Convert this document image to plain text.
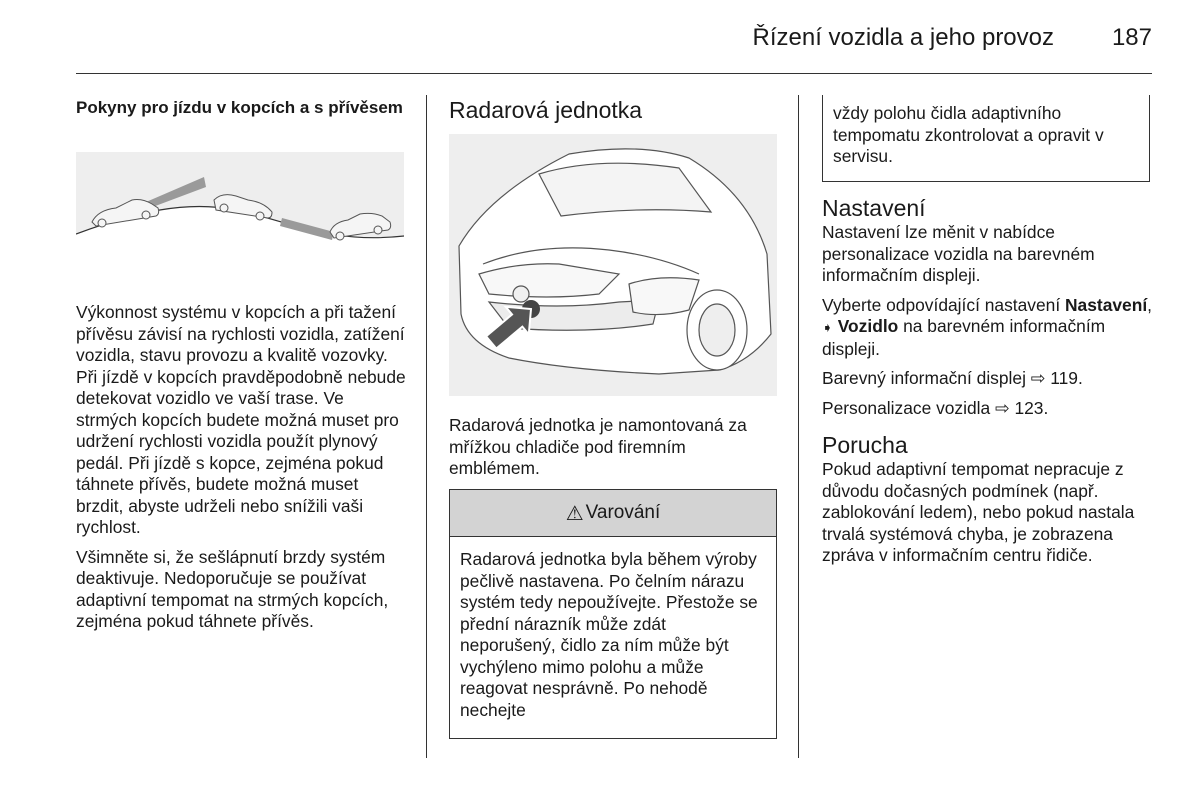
Řízení vozidla a jeho provoz 187

Pokyny pro jízdu v kopcích a s přívěsem

Výkonnost systému v kopcích a při tažení přívěsu závisí na rychlosti vozidla, zatížení vozidla, stavu provozu a kvalitě vozovky. Při jízdě v kopcích pravděpodobně nebude detekovat vozidlo ve vaší trase. Ve strmých kopcích budete možná muset pro udržení rychlosti vozidla použít plynový pedál. Při jízdě s kopce, zejména pokud táhnete přívěs, budete možná muset brzdit, abyste udrželi nebo snížili vaši rychlost.

Všimněte si, že sešlápnutí brzdy systém deaktivuje. Nedoporučuje se používat adaptivní tempomat na strmých kopcích, zejména pokud táhnete přívěs.

Radarová jednotka

Radarová jednotka je namontovaná za mřížkou chladiče pod firemním emblémem.

⚠ Varování

Radarová jednotka byla během výroby pečlivě nastavena. Po čelním nárazu systém tedy nepoužívejte. Přestože se přední nárazník může zdát neporušený, čidlo za ním může být vychýleno mimo polohu a může reagovat nesprávně. Po nehodě nechejte

vždy polohu čidla adaptivního tempomatu zkontrolovat a opravit v servisu.

Nastavení

Nastavení lze měnit v nabídce personalizace vozidla na barevném informačním displeji.

Vyberte odpovídající nastavení Nastavení, ➧ Vozidlo na barevném informačním displeji.

Barevný informační displej ⇨ 119.

Personalizace vozidla ⇨ 123.

Porucha

Pokud adaptivní tempomat nepracuje z důvodu dočasných podmínek (např. zablokování ledem), nebo pokud nastala trvalá systémová chyba, je zobrazena zpráva v informačním centru řidiče.
